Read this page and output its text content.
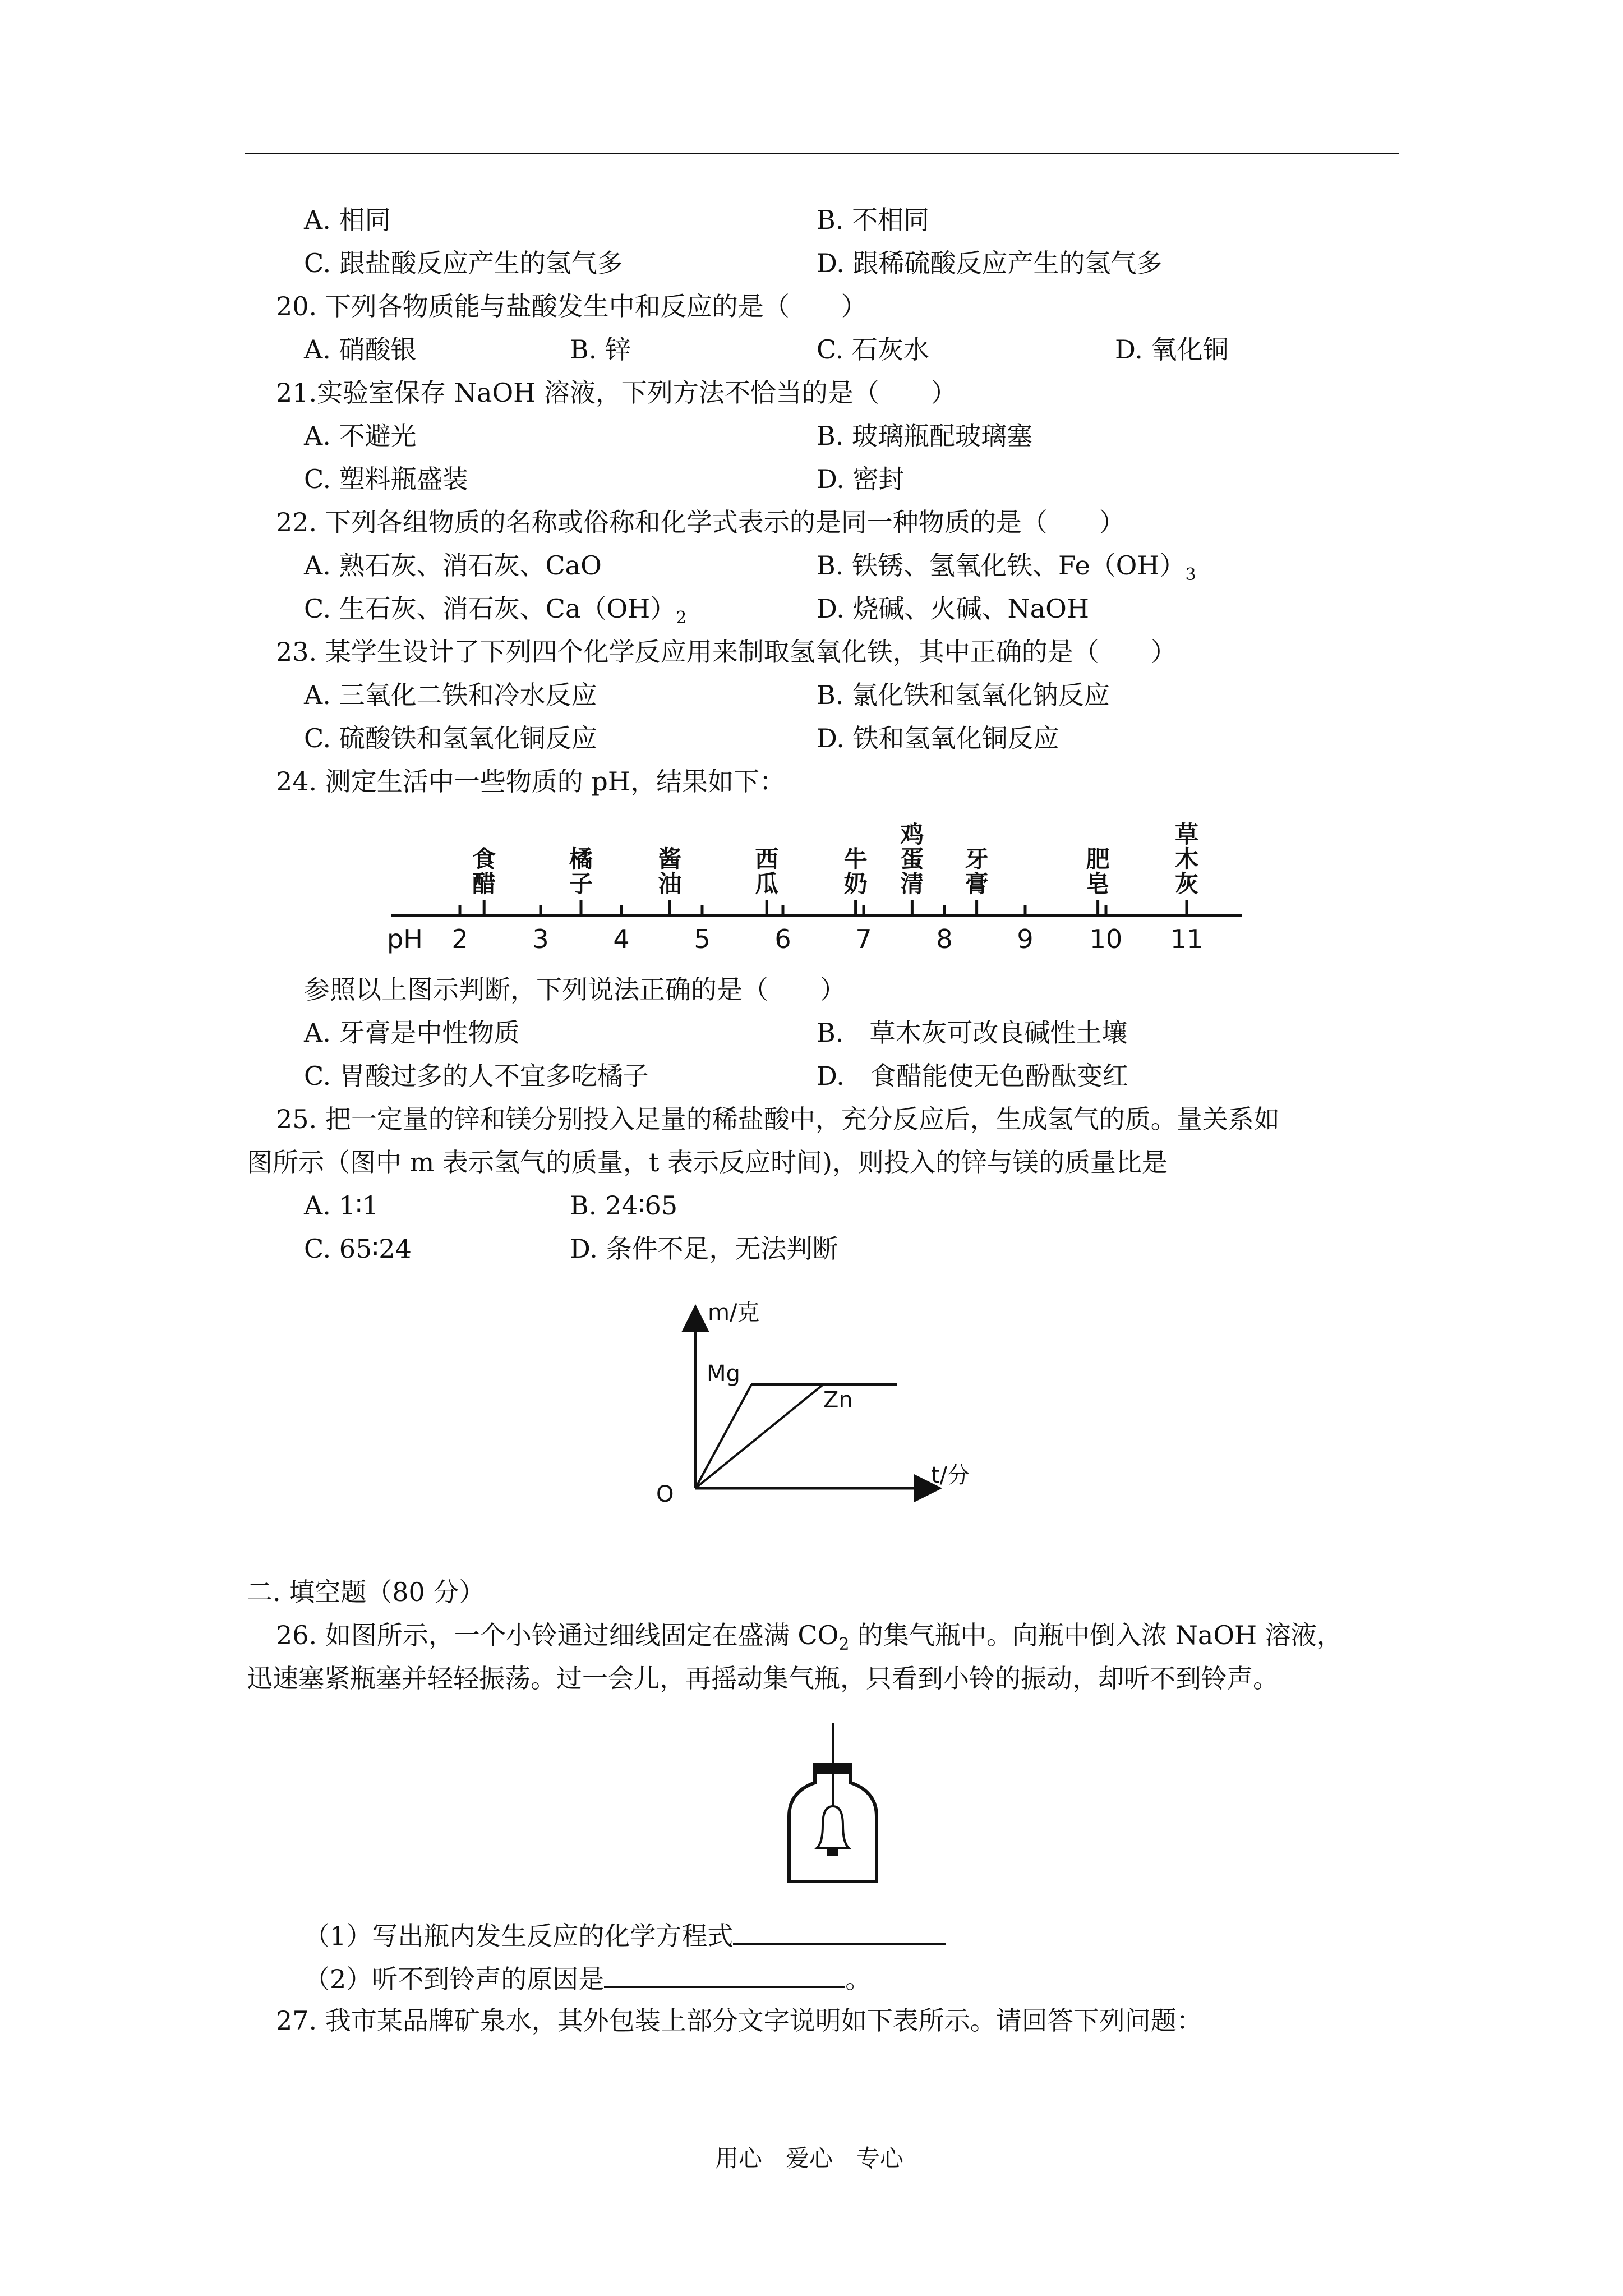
A. 相同	B. 不相同
C. 跟盐酸反应产生的氢气多	D. 跟稀硫酸反应产生的氢气多
20. 下列各物质能与盐酸发生中和反应的是（　　）
A. 硝酸银	B. 锌	C. 石灰水	D. 氧化铜
21.实验室保存 NaOH 溶液，下列方法不恰当的是（　　）
A. 不避光	B. 玻璃瓶配玻璃塞
C. 塑料瓶盛装	D. 密封
22. 下列各组物质的名称或俗称和化学式表示的是同一种物质的是（　　）
A. 熟石灰、消石灰、CaO	B. 铁锈、氢氧化铁、$Fe(OH)_3$
C. 生石灰、消石灰、$Ca(OH)_2$	D. 烧碱、火碱、NaOH
23. 某学生设计了下列四个化学反应用来制取氢氧化铁，其中正确的是（　　）
A. 三氧化二铁和冷水反应	B. 氯化铁和氢氧化钠反应
C. 硫酸铁和氢氧化铜反应	D. 铁和氢氧化铜反应
24. 测定生活中一些物质的 pH，结果如下：
2 3 4 5 6 7 8 9 10 11
食
醋
橘
子
酱
油
西
瓜
牛
奶
鸡
蛋
清
牙
膏
肥
皂
草
木
灰
pH
参照以上图示判断，下列说法正确的是（　　）
A. 牙膏是中性物质	B.　草木灰可改良碱性土壤
C. 胃酸过多的人不宜多吃橘子	D.　食醋能使无色酚酞变红
25. 把一定量的锌和镁分别投入足量的稀盐酸中，充分反应后，生成氢气的质。量关系如
图所示（图中 m 表示氢气的质量，t 表示反应时间)，则投入的锌与镁的质量比是
A. 1∶1	B. 24∶65
C. 65∶24	D. 条件不足，无法判断
m/克
t/分
O
Mg
Zn
二. 填空题（80 分）
26. 如图所示，一个小铃通过细线固定在盛满 $CO_2$ 的集气瓶中。向瓶中倒入浓 NaOH 溶液，
迅速塞紧瓶塞并轻轻振荡。过一会儿，再摇动集气瓶，只看到小铃的振动，却听不到铃声。
（1）写出瓶内发生反应的化学方程式
（2）听不到铃声的原因是	。
27. 我市某品牌矿泉水，其外包装上部分文字说明如下表所示。请回答下列问题：
用心　爱心　专心
